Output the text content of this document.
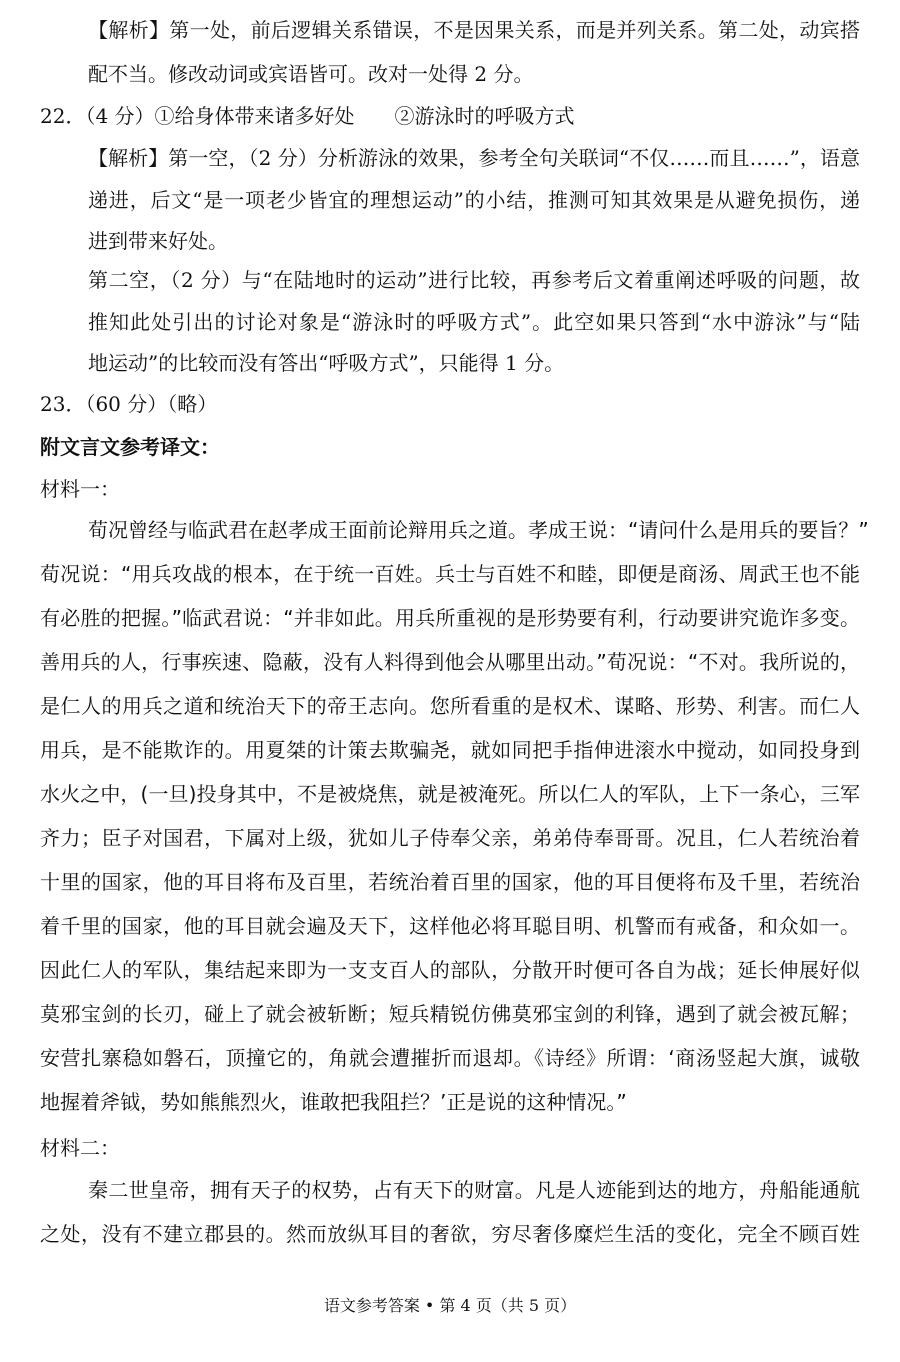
【解析】第一处，前后逻辑关系错误，不是因果关系，而是并列关系。第二处，动宾搭
配不当。修改动词或宾语皆可。改对一处得 2 分。
22．（4 分）①给身体带来诸多好处　　②游泳时的呼吸方式
【解析】第一空，（2 分）分析游泳的效果，参考全句关联词“不仅……而且……”，语意
递进，后文“是一项老少皆宜的理想运动”的小结，推测可知其效果是从避免损伤，递
进到带来好处。
第二空，（2 分）与“在陆地时的运动”进行比较，再参考后文着重阐述呼吸的问题，故
推知此处引出的讨论对象是“游泳时的呼吸方式”。此空如果只答到“水中游泳”与“陆
地运动”的比较而没有答出“呼吸方式”，只能得 1 分。
23．（60 分）（略）
附文言文参考译文：
材料一：
荀况曾经与临武君在赵孝成王面前论辩用兵之道。孝成王说：“请问什么是用兵的要旨？”
荀况说：“用兵攻战的根本，在于统一百姓。兵士与百姓不和睦，即便是商汤、周武王也不能
有必胜的把握。”临武君说：“并非如此。用兵所重视的是形势要有利，行动要讲究诡诈多变。
善用兵的人，行事疾速、隐蔽，没有人料得到他会从哪里出动。”荀况说：“不对。我所说的，
是仁人的用兵之道和统治天下的帝王志向。您所看重的是权术、谋略、形势、利害。而仁人
用兵，是不能欺诈的。用夏桀的计策去欺骗尧，就如同把手指伸进滚水中搅动，如同投身到
水火之中，(一旦)投身其中，不是被烧焦，就是被淹死。所以仁人的军队，上下一条心，三军
齐力；臣子对国君，下属对上级，犹如儿子侍奉父亲，弟弟侍奉哥哥。况且，仁人若统治着
十里的国家，他的耳目将布及百里，若统治着百里的国家，他的耳目便将布及千里，若统治
着千里的国家，他的耳目就会遍及天下，这样他必将耳聪目明、机警而有戒备，和众如一。
因此仁人的军队，集结起来即为一支支百人的部队，分散开时便可各自为战；延长伸展好似
莫邪宝剑的长刃，碰上了就会被斩断；短兵精锐仿佛莫邪宝剑的利锋，遇到了就会被瓦解；
安营扎寨稳如磐石，顶撞它的，角就会遭摧折而退却。《诗经》所谓：‘商汤竖起大旗，诚敬
地握着斧钺，势如熊熊烈火，谁敢把我阻拦？’正是说的这种情况。”
材料二：
秦二世皇帝，拥有天子的权势，占有天下的财富。凡是人迹能到达的地方，舟船能通航
之处，没有不建立郡县的。然而放纵耳目的奢欲，穷尽奢侈糜烂生活的变化，完全不顾百姓
语文参考答案 • 第 4 页（共 5 页）
